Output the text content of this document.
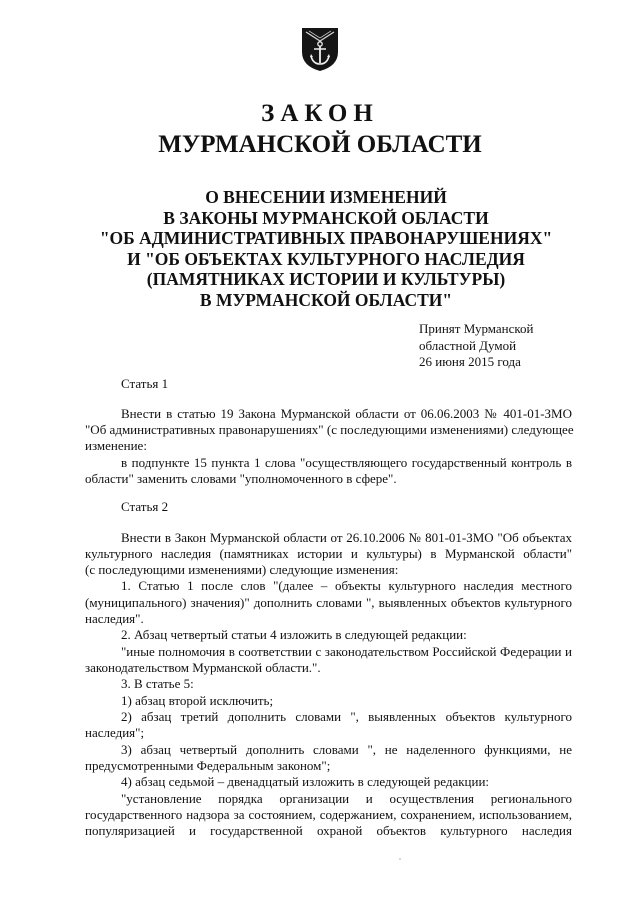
ЗАКОН
МУРМАНСКОЙ ОБЛАСТИ
О ВНЕСЕНИИ ИЗМЕНЕНИЙ
В ЗАКОНЫ МУРМАНСКОЙ ОБЛАСТИ
"ОБ АДМИНИСТРАТИВНЫХ ПРАВОНАРУШЕНИЯХ"
И "ОБ ОБЪЕКТАХ КУЛЬТУРНОГО НАСЛЕДИЯ
(ПАМЯТНИКАХ ИСТОРИИ И КУЛЬТУРЫ)
В МУРМАНСКОЙ ОБЛАСТИ"
Принят Мурманской
областной Думой
26 июня 2015 года
Статья 1
Внести в статью 19 Закона Мурманской области от 06.06.2003 № 401-01-ЗМО
"Об административных правонарушениях" (с последующими изменениями) следующее
изменение:
в подпункте 15 пункта 1 слова "осуществляющего государственный контроль в
области" заменить словами "уполномоченного в сфере".
Статья 2
Внести в Закон Мурманской области от 26.10.2006 № 801-01-ЗМО "Об объектах
культурного наследия (памятниках истории и культуры) в Мурманской области"
(с последующими изменениями) следующие изменения:
1. Статью 1 после слов "(далее – объекты культурного наследия местного
(муниципального) значения)" дополнить словами ", выявленных объектов культурного
наследия".
2. Абзац четвертый статьи 4 изложить в следующей редакции:
"иные полномочия в соответствии с законодательством Российской Федерации и
законодательством Мурманской области.".
3. В статье 5:
1) абзац второй исключить;
2) абзац третий дополнить словами ", выявленных объектов культурного
наследия";
3) абзац четвертый дополнить словами ", не наделенного функциями, не
предусмотренными Федеральным законом";
4) абзац седьмой – двенадцатый изложить в следующей редакции:
"установление порядка организации и осуществления регионального
государственного надзора за состоянием, содержанием, сохранением, использованием,
популяризацией и государственной охраной объектов культурного наследия
